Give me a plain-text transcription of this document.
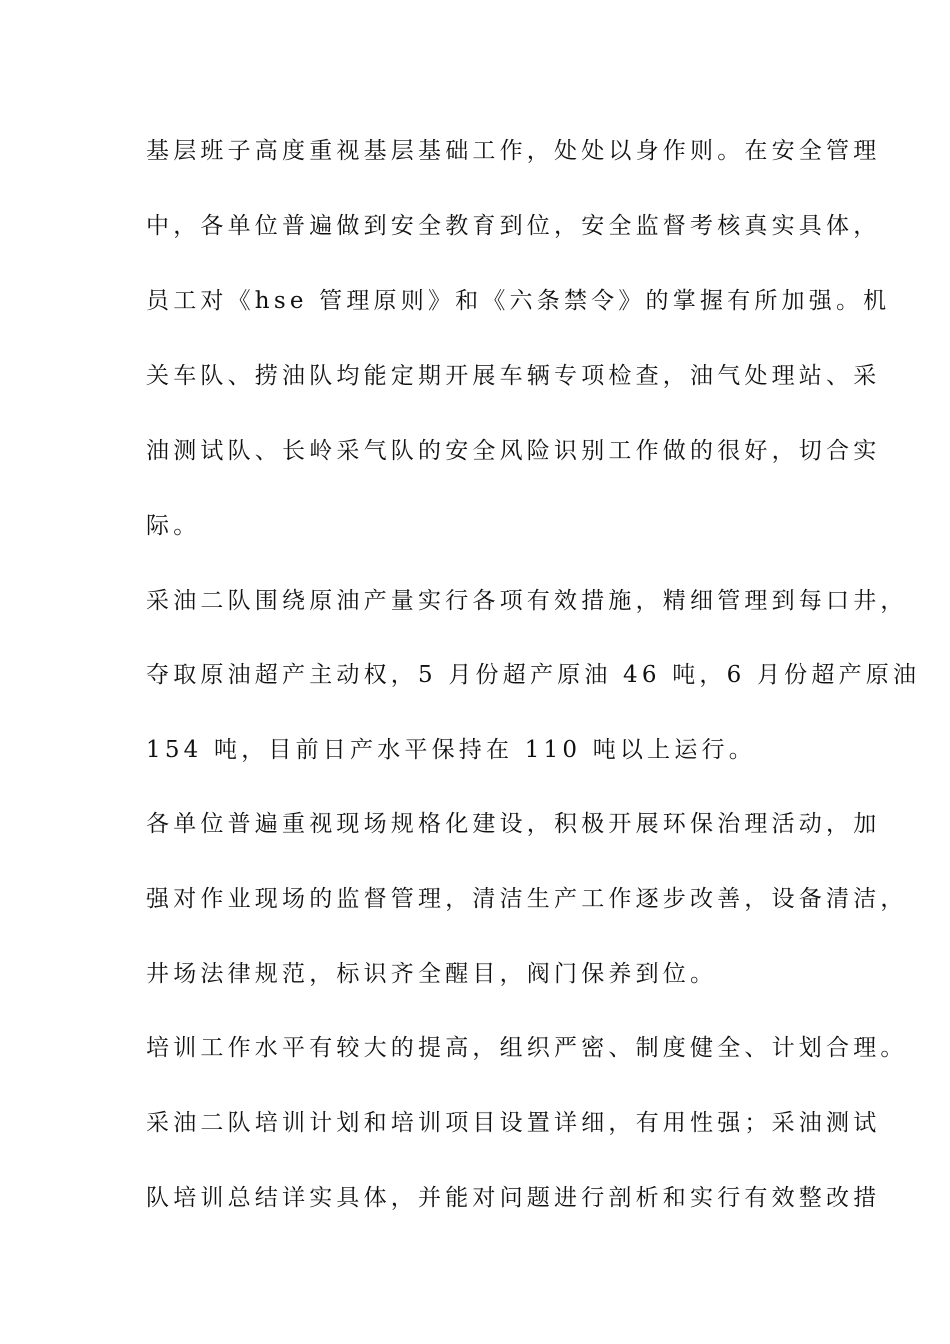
基层班子高度重视基层基础工作，处处以身作则。在安全管理
中，各单位普遍做到安全教育到位，安全监督考核真实具体，
员工对《hse 管理原则》和《六条禁令》的掌握有所加强。机
关车队、捞油队均能定期开展车辆专项检查，油气处理站、采
油测试队、长岭采气队的安全风险识别工作做的很好，切合实
际。
采油二队围绕原油产量实行各项有效措施，精细管理到每口井，
夺取原油超产主动权，5 月份超产原油 46 吨，6 月份超产原油
154 吨，目前日产水平保持在 110 吨以上运行。
各单位普遍重视现场规格化建设，积极开展环保治理活动，加
强对作业现场的监督管理，清洁生产工作逐步改善，设备清洁，
井场法律规范，标识齐全醒目，阀门保养到位。
培训工作水平有较大的提高，组织严密、制度健全、计划合理。
采油二队培训计划和培训项目设置详细，有用性强；采油测试
队培训总结详实具体，并能对问题进行剖析和实行有效整改措
